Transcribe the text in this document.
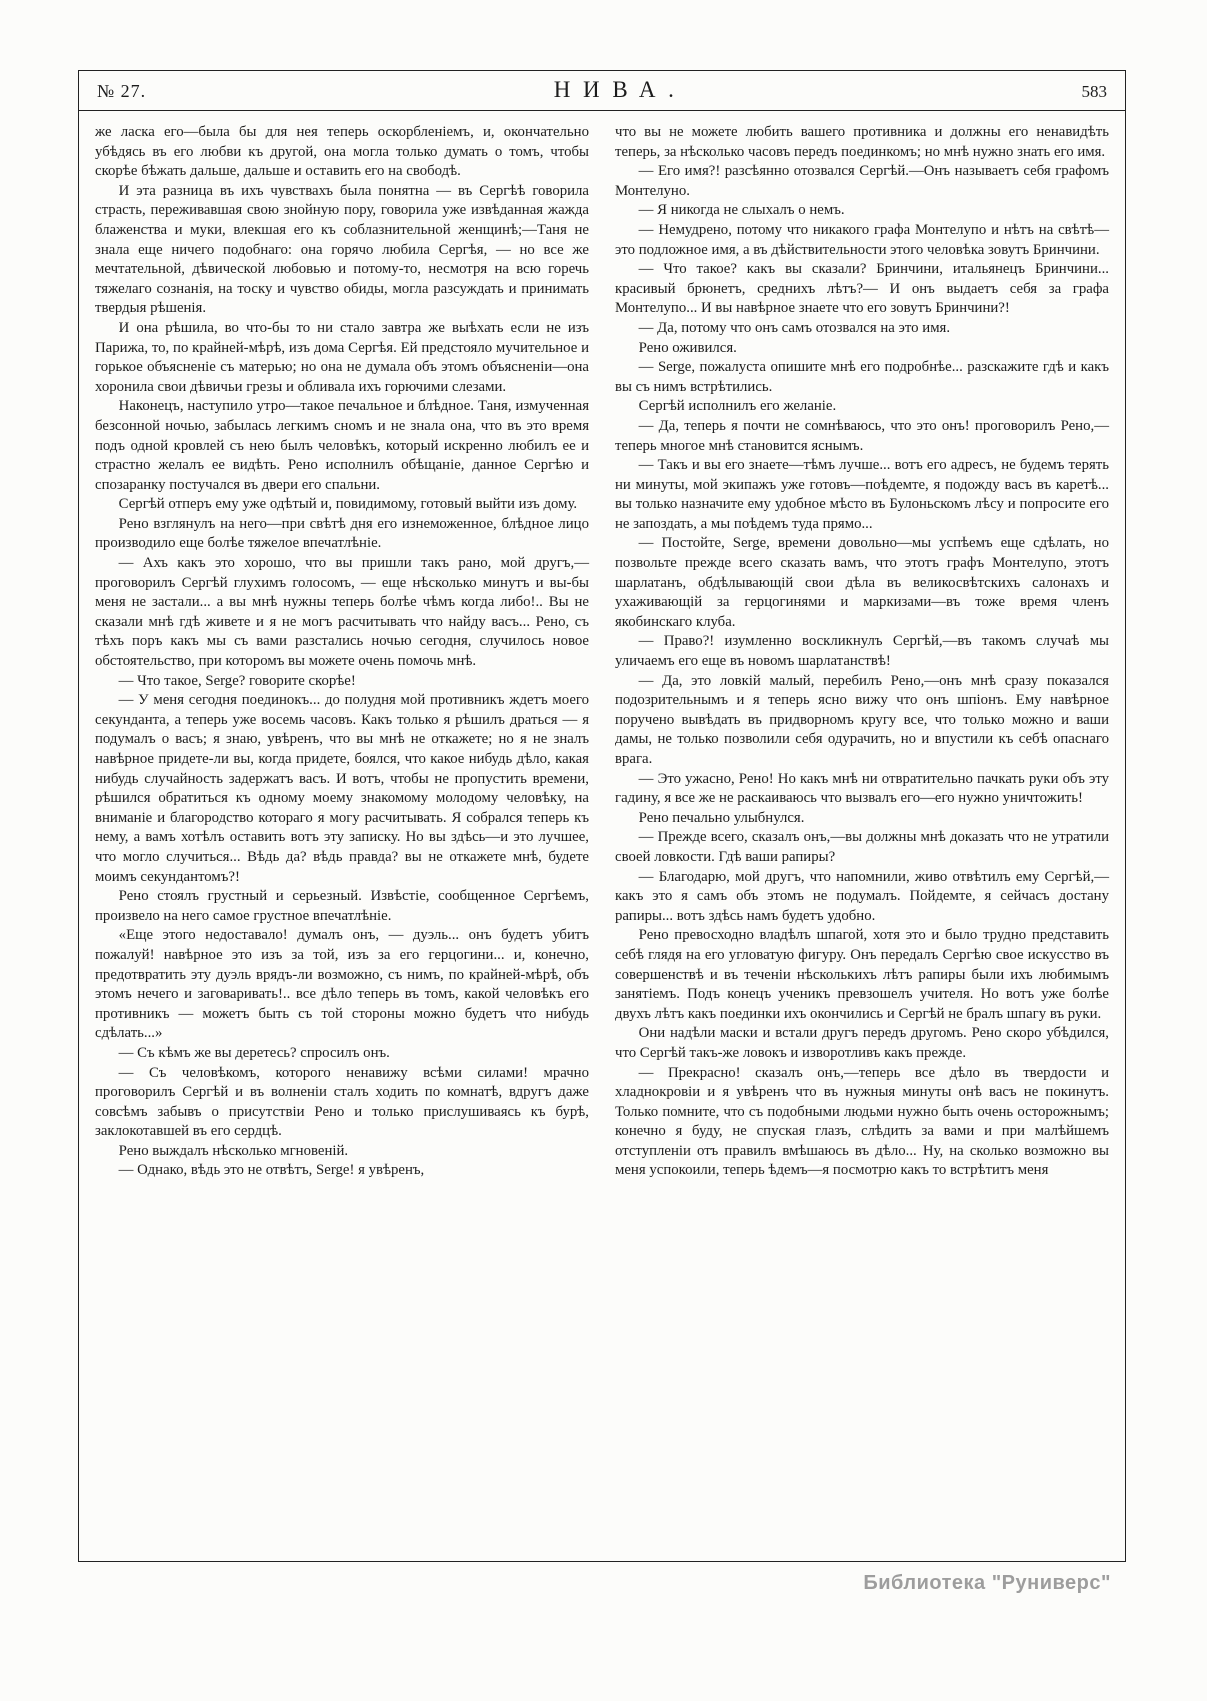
№ 27.	НИВА.	583

же ласка его—была бы для нея теперь оскорбленіемъ, и, окончательно убѣдясь въ его любви къ другой, она могла только думать о томъ, чтобы скорѣе бѣжать дальше, дальше и оставить его на свободѣ.

И эта разница въ ихъ чувствахъ была понятна — въ Сергѣѣ говорила страсть, переживавшая свою знойную пору, говорила уже извѣданная жажда блаженства и муки, влекшая его къ соблазнительной женщинѣ;—Таня не знала еще ничего подобнаго: она горячо любила Сергѣя, — но все же мечтательной, дѣвической любовью и потому-то, несмотря на всю горечь тяжелаго сознанія, на тоску и чувство обиды, могла разсуждать и принимать твердыя рѣшенія.

И она рѣшила, во что-бы то ни стало завтра же выѣхать если не изъ Парижа, то, по крайней-мѣрѣ, изъ дома Сергѣя. Ей предстояло мучительное и горькое объясненіе съ матерью; но она не думала объ этомъ объясненіи—она хоронила свои дѣвичьи грезы и обливала ихъ горючими слезами.

Наконецъ, наступило утро—такое печальное и блѣдное. Таня, измученная безсонной ночью, забылась легкимъ сномъ и не знала она, что въ это время подъ одной кровлей съ нею былъ человѣкъ, который искренно любилъ ее и страстно желалъ ее видѣть. Рено исполнилъ обѣщаніе, данное Сергѣю и спозаранку постучался въ двери его спальни.

Сергѣй отперъ ему уже одѣтый и, повидимому, готовый выйти изъ дому.

Рено взглянулъ на него—при свѣтѣ дня его изнеможенное, блѣдное лицо производило еще болѣе тяжелое впечатлѣніе.

— Ахъ какъ это хорошо, что вы пришли такъ рано, мой другъ,—проговорилъ Сергѣй глухимъ голосомъ, — еще нѣсколько минутъ и вы-бы меня не застали... а вы мнѣ нужны теперь болѣе чѣмъ когда либо!.. Вы не сказали мнѣ гдѣ живете и я не могъ расчитывать что найду васъ... Рено, съ тѣхъ поръ какъ мы съ вами разстались ночью сегодня, случилось новое обстоятельство, при которомъ вы можете очень помочь мнѣ.

— Что такое, Serge? говорите скорѣе!

— У меня сегодня поединокъ... до полудня мой противникъ ждетъ моего секунданта, а теперь уже восемь часовъ. Какъ только я рѣшилъ драться — я подумалъ о васъ; я знаю, увѣренъ, что вы мнѣ не откажете; но я не зналъ навѣрное придете-ли вы, когда придете, боялся, что какое нибудь дѣло, какая нибудь случайность задержатъ васъ. И вотъ, чтобы не пропустить времени, рѣшился обратиться къ одному моему знакомому молодому человѣку, на вниманіе и благородство котораго я могу расчитывать. Я собрался теперь къ нему, а вамъ хотѣлъ оставить вотъ эту записку. Но вы здѣсь—и это лучшее, что могло случиться... Вѣдь да? вѣдь правда? вы не откажете мнѣ, будете моимъ секундантомъ?!

Рено стоялъ грустный и серьезный. Извѣстіе, сообщенное Сергѣемъ, произвело на него самое грустное впечатлѣніе.

«Еще этого недоставало! думалъ онъ, — дуэль... онъ будетъ убитъ пожалуй! навѣрное это изъ за той, изъ за его герцогини... и, конечно, предотвратить эту дуэль врядъ-ли возможно, съ нимъ, по крайней-мѣрѣ, объ этомъ нечего и заговаривать!.. все дѣло теперь въ томъ, какой человѣкъ его противникъ — можетъ быть съ той стороны можно будетъ что нибудь сдѣлать...»

— Съ кѣмъ же вы деретесь? спросилъ онъ.

— Съ человѣкомъ, которого ненавижу всѣми силами! мрачно проговорилъ Сергѣй и въ волненіи сталъ ходить по комнатѣ, вдругъ даже совсѣмъ забывъ о присутствіи Рено и только прислушиваясь къ бурѣ, заклокотавшей въ его сердцѣ.

Рено выждалъ нѣсколько мгновеній.

— Однако, вѣдь это не отвѣтъ, Serge! я увѣренъ,

что вы не можете любить вашего противника и должны его ненавидѣть теперь, за нѣсколько часовъ передъ поединкомъ; но мнѣ нужно знать его имя.

— Его имя?! разсѣянно отозвался Сергѣй.—Онъ называетъ себя графомъ Монтелуно.

— Я никогда не слыхалъ о немъ.

— Немудрено, потому что никакого графа Монтелупо и нѣтъ на свѣтѣ—это подложное имя, а въ дѣйствительности этого человѣка зовутъ Бринчини.

— Что такое? какъ вы сказали? Бринчини, итальянецъ Бринчини... красивый брюнетъ, среднихъ лѣтъ?— И онъ выдаетъ себя за графа Монтелупо... И вы навѣрное знаете что его зовутъ Бринчини?!

— Да, потому что онъ самъ отозвался на это имя.

Рено оживился.

— Serge, пожалуста опишите мнѣ его подробнѣе... разскажите гдѣ и какъ вы съ нимъ встрѣтились.

Сергѣй исполнилъ его желаніе.

— Да, теперь я почти не сомнѣваюсь, что это онъ! проговорилъ Рено,—теперь многое мнѣ становится яснымъ.

— Такъ и вы его знаете—тѣмъ лучше... вотъ его адресъ, не будемъ терять ни минуты, мой экипажъ уже готовъ—поѣдемте, я подожду васъ въ каретѣ... вы только назначите ему удобное мѣсто въ Булоньскомъ лѣсу и попросите его не запоздать, а мы поѣдемъ туда прямо...

— Постойте, Serge, времени довольно—мы успѣемъ еще сдѣлать, но позвольте прежде всего сказать вамъ, что этотъ графъ Монтелупо, этотъ шарлатанъ, обдѣлывающій свои дѣла въ великосвѣтскихъ салонахъ и ухаживающій за герцогинями и маркизами—въ тоже время членъ якобинскаго клуба.

— Право?! изумленно воскликнулъ Сергѣй,—въ такомъ случаѣ мы уличаемъ его еще въ новомъ шарлатанствѣ!

— Да, это ловкій малый, перебилъ Рено,—онъ мнѣ сразу показался подозрительнымъ и я теперь ясно вижу что онъ шпіонъ. Ему навѣрное поручено вывѣдать въ придворномъ кругу все, что только можно и ваши дамы, не только позволили себя одурачить, но и впустили къ себѣ опаснаго врага.

— Это ужасно, Рено! Но какъ мнѣ ни отвратительно пачкать руки объ эту гадину, я все же не раскаиваюсь что вызвалъ его—его нужно уничтожить!

Рено печально улыбнулся.

— Прежде всего, сказалъ онъ,—вы должны мнѣ доказать что не утратили своей ловкости. Гдѣ ваши рапиры?

— Благодарю, мой другъ, что напомнили, живо отвѣтилъ ему Сергѣй,—какъ это я самъ объ этомъ не подумалъ. Пойдемте, я сейчасъ достану рапиры... вотъ здѣсь намъ будетъ удобно.

Рено превосходно владѣлъ шпагой, хотя это и было трудно представить себѣ глядя на его угловатую фигуру. Онъ передалъ Сергѣю свое искусство въ совершенствѣ и въ теченіи нѣсколькихъ лѣтъ рапиры были ихъ любимымъ занятіемъ. Подъ конецъ ученикъ превзошелъ учителя. Но вотъ уже болѣе двухъ лѣтъ какъ поединки ихъ окончились и Сергѣй не бралъ шпагу въ руки.

Они надѣли маски и встали другъ передъ другомъ. Рено скоро убѣдился, что Сергѣй такъ-же ловокъ и изворотливъ какъ прежде.

— Прекрасно! сказалъ онъ,—теперь все дѣло въ твердости и хладнокровіи и я увѣренъ что въ нужныя минуты онѣ васъ не покинутъ. Только помните, что съ подобными людьми нужно быть очень осторожнымъ; конечно я буду, не спуская глазъ, слѣдить за вами и при малѣйшемъ отступленіи отъ правилъ вмѣшаюсь въ дѣло... Ну, на сколько возможно вы меня успокоили, теперь ѣдемъ—я посмотрю какъ то встрѣтитъ меня

Библиотека "Руниверс"
